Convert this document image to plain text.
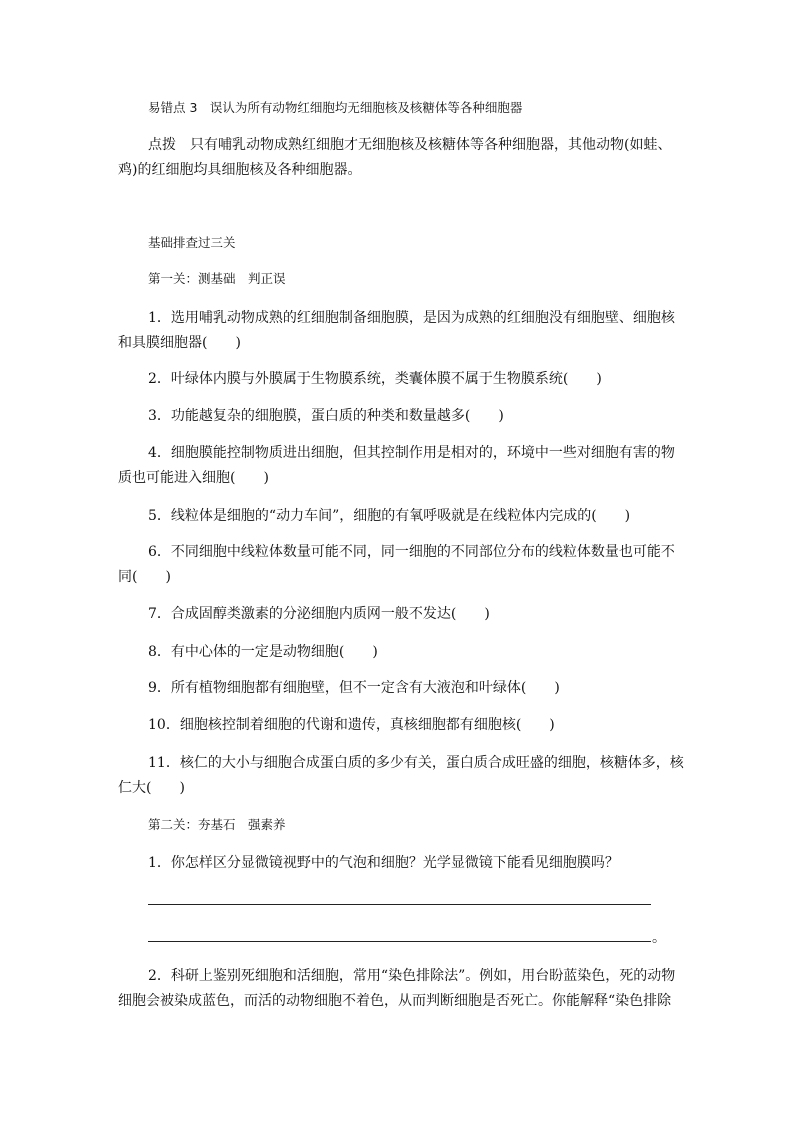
易错点 3　误认为所有动物红细胞均无细胞核及核糖体等各种细胞器
点拨　只有哺乳动物成熟红细胞才无细胞核及核糖体等各种细胞器，其他动物(如蛙、
鸡)的红细胞均具细胞核及各种细胞器。
基础排查过三关
第一关：测基础　判正误
1．选用哺乳动物成熟的红细胞制备细胞膜，是因为成熟的红细胞没有细胞壁、细胞核
和具膜细胞器(　　)
2．叶绿体内膜与外膜属于生物膜系统，类囊体膜不属于生物膜系统(　　)
3．功能越复杂的细胞膜，蛋白质的种类和数量越多(　　)
4．细胞膜能控制物质进出细胞，但其控制作用是相对的，环境中一些对细胞有害的物
质也可能进入细胞(　　)
5．线粒体是细胞的“动力车间”，细胞的有氧呼吸就是在线粒体内完成的(　　)
6．不同细胞中线粒体数量可能不同，同一细胞的不同部位分布的线粒体数量也可能不
同(　　)
7．合成固醇类激素的分泌细胞内质网一般不发达(　　)
8．有中心体的一定是动物细胞(　　)
9．所有植物细胞都有细胞壁，但不一定含有大液泡和叶绿体(　　)
10．细胞核控制着细胞的代谢和遗传，真核细胞都有细胞核(　　)
11．核仁的大小与细胞合成蛋白质的多少有关，蛋白质合成旺盛的细胞，核糖体多，核
仁大(　　)
第二关：夯基石　强素养
1．你怎样区分显微镜视野中的气泡和细胞？光学显微镜下能看见细胞膜吗？
。
2．科研上鉴别死细胞和活细胞，常用“染色排除法”。例如，用台盼蓝染色，死的动物
细胞会被染成蓝色，而活的动物细胞不着色，从而判断细胞是否死亡。你能解释“染色排除
